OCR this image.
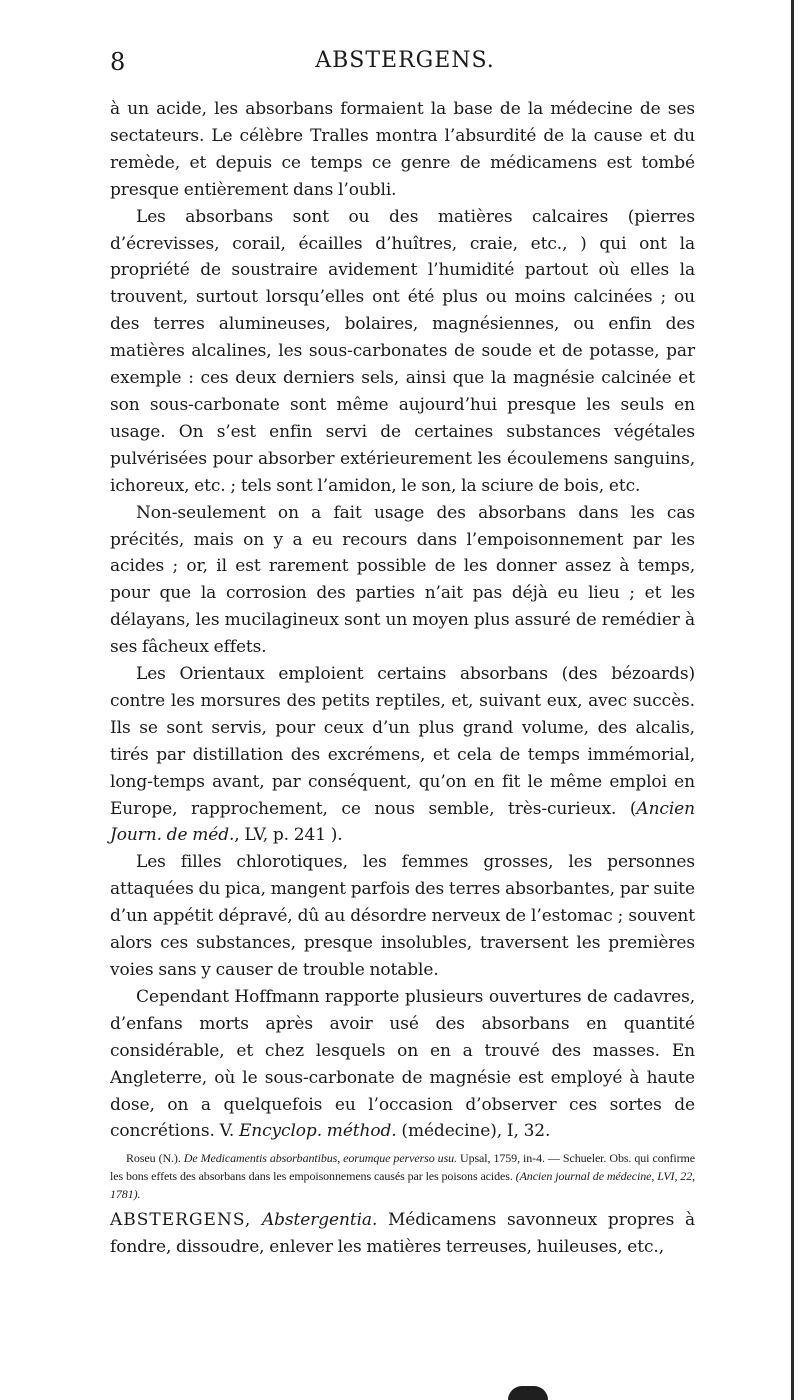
8	ABSTERGENS.

à un acide, les absorbans formaient la base de la médecine de ses sectateurs. Le célèbre Tralles montra l’absurdité de la cause et du remède, et depuis ce temps ce genre de médicamens est tombé presque entièrement dans l’oubli.

Les absorbans sont ou des matières calcaires (pierres d’écrevisses, corail, écailles d’huîtres, craie, etc., ) qui ont la propriété de soustraire avidement l’humidité partout où elles la trouvent, surtout lorsqu’elles ont été plus ou moins calcinées ; ou des terres alumineuses, bolaires, magnésiennes, ou enfin des matières alcalines, les sous-carbonates de soude et de potasse, par exemple : ces deux derniers sels, ainsi que la magnésie calcinée et son sous-carbonate sont même aujourd’hui presque les seuls en usage. On s’est enfin servi de certaines substances végétales pulvérisées pour absorber extérieurement les écoulemens sanguins, ichoreux, etc. ; tels sont l’amidon, le son, la sciure de bois, etc.

Non-seulement on a fait usage des absorbans dans les cas précités, mais on y a eu recours dans l’empoisonnement par les acides ; or, il est rarement possible de les donner assez à temps, pour que la corrosion des parties n’ait pas déjà eu lieu ; et les délayans, les mucilagineux sont un moyen plus assuré de remédier à ses fâcheux effets.

Les Orientaux emploient certains absorbans (des bézoards) contre les morsures des petits reptiles, et, suivant eux, avec succès. Ils se sont servis, pour ceux d’un plus grand volume, des alcalis, tirés par distillation des excrémens, et cela de temps immémorial, long-temps avant, par conséquent, qu’on en fit le même emploi en Europe, rapprochement, ce nous semble, très-curieux. (Ancien Journ. de méd., LV, p. 241 ).

Les filles chlorotiques, les femmes grosses, les personnes attaquées du pica, mangent parfois des terres absorbantes, par suite d’un appétit dépravé, dû au désordre nerveux de l’estomac ; souvent alors ces substances, presque insolubles, traversent les premières voies sans y causer de trouble notable.

Cependant Hoffmann rapporte plusieurs ouvertures de cadavres, d’enfans morts après avoir usé des absorbans en quantité considérable, et chez lesquels on en a trouvé des masses. En Angleterre, où le sous-carbonate de magnésie est employé à haute dose, on a quelquefois eu l’occasion d’observer ces sortes de concrétions. V. Encyclop. méthod. (médecine), I, 32.

Roseu (N.). De Medicamentis absorbantibus, eorumque perverso usu. Upsal, 1759, in-4. — Schueler. Obs. qui confirme les bons effets des absorbans dans les empoisonnemens causés par les poisons acides. (Ancien journal de médecine, LVI, 22, 1781).

ABSTERGENS, Abstergentia. Médicamens savonneux propres à fondre, dissoudre, enlever les matières terreuses, huileuses, etc.,
